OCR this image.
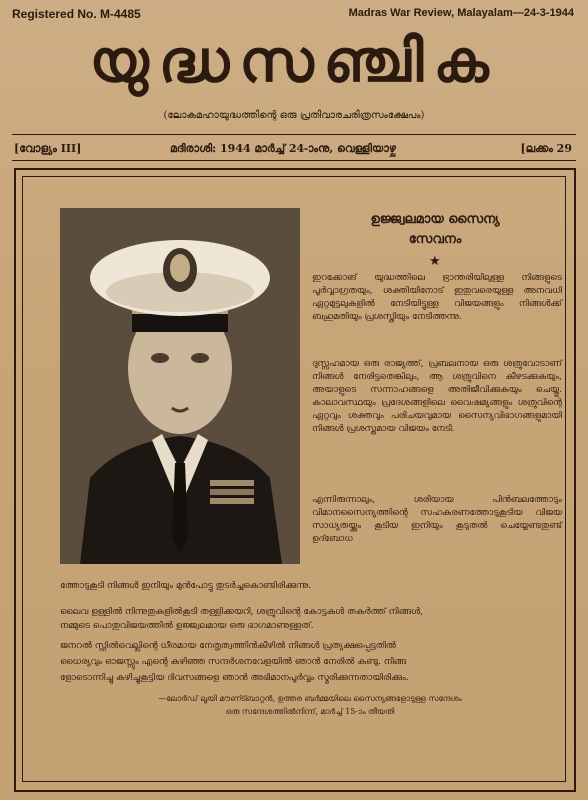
Registered No. M-4485	Madras War Review, Malayalam—24-3-1944
യുദ്ധസഞ്ചിക
(ലോകമഹായുദ്ധത്തിന്റെ ഒരു പ്രതിവാരചരിത്രസംക്ഷേപം)
[വോള്യം III]	മദിരാശി: 1944 മാർച്ച് 24-ാംനു, വെള്ളിയാഴ്ച	[ലക്കം 29
ഉജ്ജ്വലമായ സൈന്യ
സേവനം
★
ഇറക്കോങ് യുദ്ധത്തിലെ ഭ്രാന്തരിയിലുള്ള നിങ്ങളുടെ പൂർവ്വാഗ്രതയും, ശക്തിയിനോട് ഇതുവരെയുള്ള അനവധി ഏറ്റമുട്ടലുകളിൽ നേടിയിട്ടുള്ള വിജയങ്ങളും നിങ്ങൾക്ക് ബഹുമതിയും പ്രശസ്തിയും നേടിത്തന്നു.
ദുസ്സഹമായ ഒരു രാജ്യത്ത്, പ്രബലനായ ഒരു ശത്രുവോടാണ് നിങ്ങൾ നേരിട്ടതെങ്കിലും, ആ ശത്രുവിനെ കീഴടക്കുകയും, അയാളുടെ സന്നാഹങ്ങളെ അതിജീവിക്കുകയും ചെയ്തു. കാലാവസ്ഥയും പ്രദേശങ്ങളിലെ വൈഷമ്യങ്ങളും ശത്രുവിന്റെ ഏറ്റവും ശക്തവും പരിചയവുമായ സൈന്യവിഭാഗങ്ങളുമായി നിങ്ങൾ പ്രശസ്തമായ വിജയം നേടി.
എന്നിരുന്നാലും, ശരിയായ പിൻബലത്തോടും വിമാനസൈന്യത്തിന്റെ സഹകരണത്തോടുകൂടിയ വിജയ സാധ്യതയ്ക്കും കൂടിയ ഇനിയും കൂടുതൽ ചെയ്യേണ്ടതുണ്ട് ഉദ്ബോധ
ത്തോടുകൂടി നിങ്ങൾ ഇനിയും മുൻപോട്ടു തുടർച്ചകൊണ്ടിരിക്കുന്നു.
ലൈവ ഉള്ളിൽ നിന്നുതുകളിൽകൂടി തള്ളിക്കയറി, ശത്രുവിന്റെ കോട്ടകൾ തകർത്ത് നിങ്ങൾ,
നമ്മുടെ പൊതുവിജയത്തിൽ ഉജ്ജ്വലമായ ഒരു ഭാഗമാണുള്ളത്.
ജനറൽ സ്റ്റിൽവെല്ലിന്റെ ധീരമായ നേതൃത്വത്തിൻകീഴിൽ നിങ്ങൾ പ്രത്യക്ഷപ്പെട്ടതിൽ
ധൈര്യവും ഓജസ്സും എന്റെ കഴിഞ്ഞ സന്ദർശനവേളയിൽ ഞാൻ നേരിൽ കണ്ടു. നിങ്ങ
ളോടൊന്നിച്ചു കഴിച്ചുകൂട്ടിയ ദിവസങ്ങളെ ഞാൻ അഭിമാനപൂർവ്വം സ്മരിക്കുന്നതായിരിക്കും.
—ലോർഡ് ലൂയി മൗണ്ട്ബാറ്റൻ, ഉത്തര ബർമ്മയിലെ സൈന്യങ്ങളോടുള്ള സന്ദേശം
ഒരു സന്ദേശത്തിൽനിന്ന്, മാർച്ച് 15-ാം തീയതി
